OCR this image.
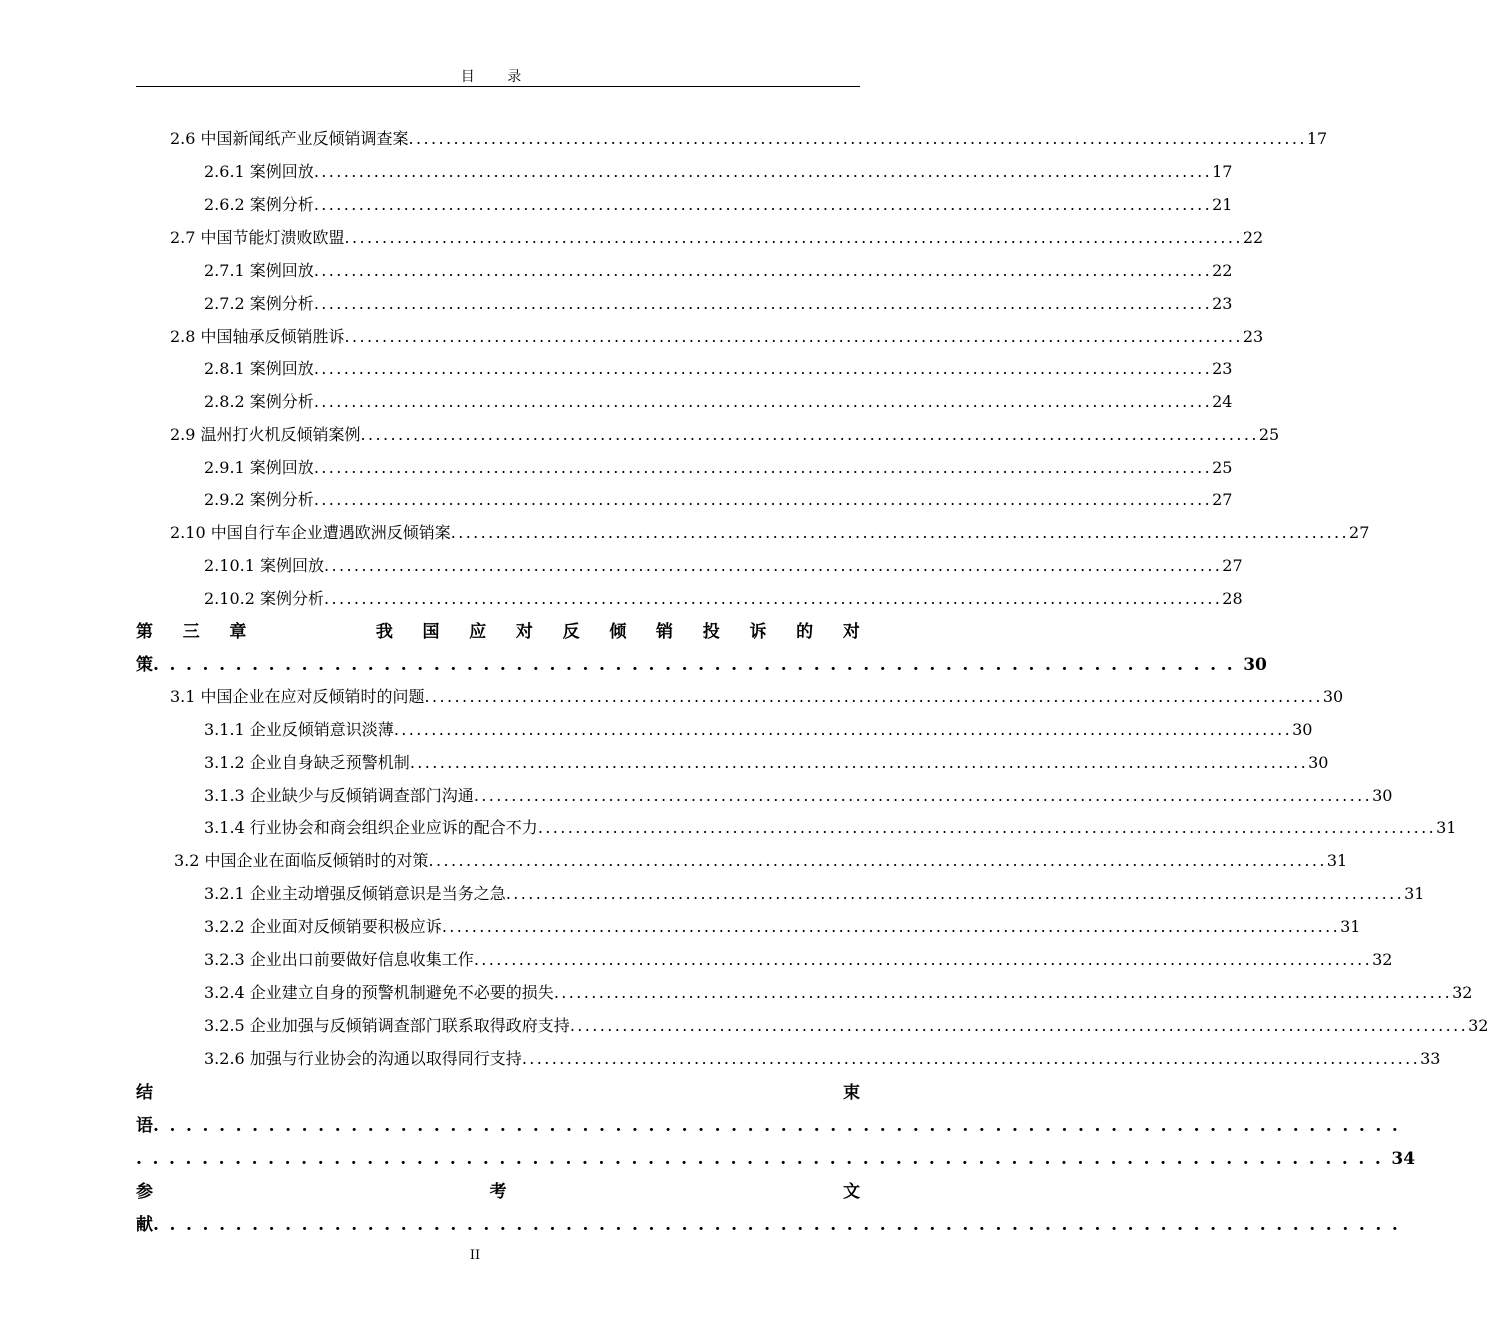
目 录
2.6 中国新闻纸产业反倾销调查案 ........................................................................................................................ 17
2.6.1 案例回放 ........................................................................................................................ 17
2.6.2 案例分析 ........................................................................................................................ 21
2.7 中国节能灯溃败欧盟 ........................................................................................................................ 22
2.7.1 案例回放 ........................................................................................................................ 22
2.7.2 案例分析 ........................................................................................................................ 23
2.8 中国轴承反倾销胜诉 ........................................................................................................................ 23
2.8.1 案例回放 ........................................................................................................................ 23
2.8.2 案例分析 ........................................................................................................................ 24
2.9 温州打火机反倾销案例 ........................................................................................................................ 25
2.9.1 案例回放 ........................................................................................................................ 25
2.9.2 案例分析 ........................................................................................................................ 27
2.10 中国自行车企业遭遇欧洲反倾销案 ........................................................................................................................ 27
2.10.1 案例回放 ........................................................................................................................ 27
2.10.2 案例分析 ........................................................................................................................ 28
第 三 章	我 国 应 对 反 倾 销 投 诉 的 对
策 .................................................................. 30
3.1 中国企业在应对反倾销时的问题 ........................................................................................................................ 30
3.1.1 企业反倾销意识淡薄 ........................................................................................................................ 30
3.1.2 企业自身缺乏预警机制 ........................................................................................................................ 30
3.1.3 企业缺少与反倾销调查部门沟通 ........................................................................................................................ 30
3.1.4 行业协会和商会组织企业应诉的配合不力 ........................................................................................................................ 31
3.2 中国企业在面临反倾销时的对策 ........................................................................................................................ 31
3.2.1 企业主动增强反倾销意识是当务之急 ........................................................................................................................ 31
3.2.2 企业面对反倾销要积极应诉 ........................................................................................................................ 31
3.2.3 企业出口前要做好信息收集工作 ........................................................................................................................ 32
3.2.4 企业建立自身的预警机制避免不必要的损失 ........................................................................................................................ 32
3.2.5 企业加强与反倾销调查部门联系取得政府支持 ........................................................................................................................ 32
3.2.6 加强与行业协会的沟通以取得同行支持 ........................................................................................................................ 33
结	束
语 ............................................................................
............................................................................ 34
参	考	文
献 ............................................................................
II
